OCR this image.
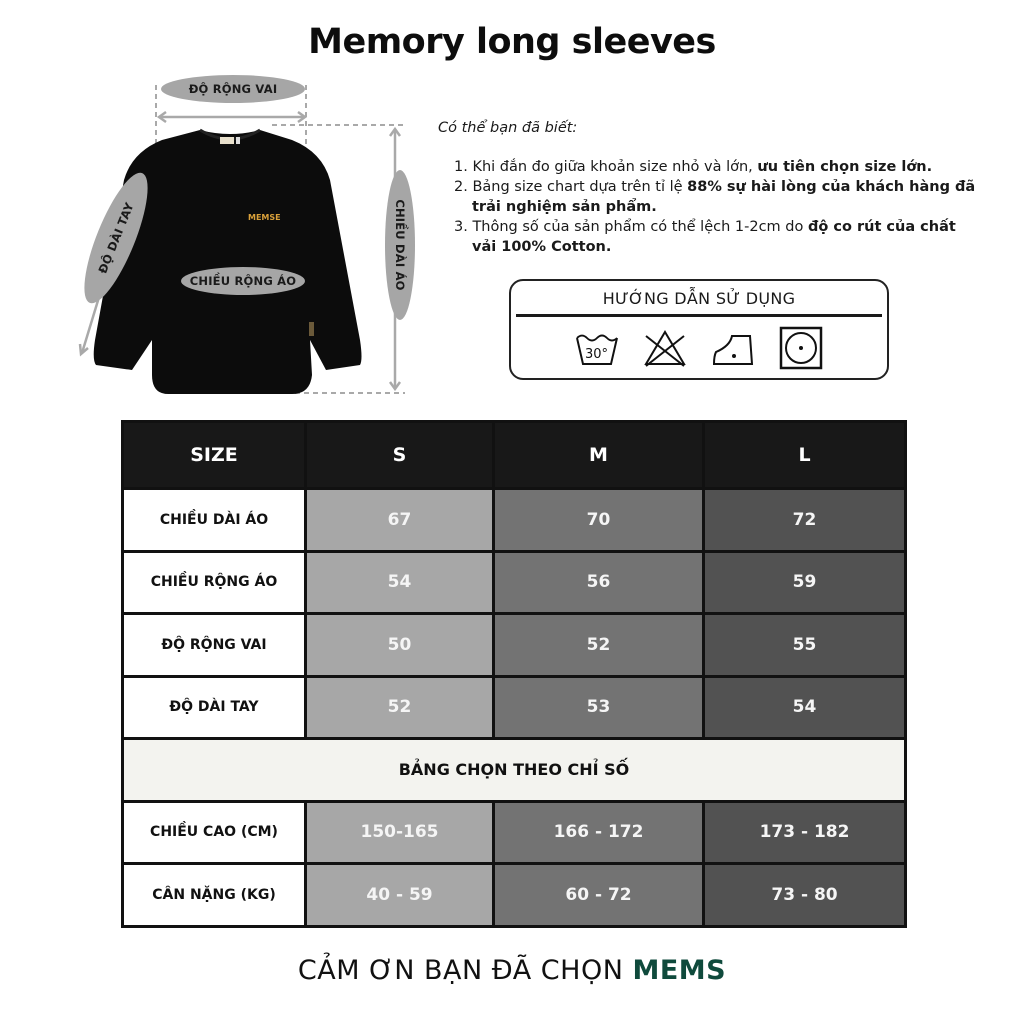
Memory long sleeves
MEMSE
ĐỘ RỘNG VAI
CHIỀU RỘNG ÁO
ĐỘ DÀI TAY	CHIỀU DÀI ÁO
Có thể bạn đã biết:
1. Khi đắn đo giữa khoản size nhỏ và lớn, ưu tiên chọn size lớn.
2. Bảng size chart dựa trên tỉ lệ 88% sự hài lòng của khách hàng đã trải nghiệm sản phẩm.
3. Thông số của sản phẩm có thể lệch 1-2cm do độ co rút của chất vải 100% Cotton.
HƯỚNG DẪN SỬ DỤNG
30°
SIZE	S	M	L
CHIỀU DÀI ÁO	67	70	72
CHIỀU RỘNG ÁO	54	56	59
ĐỘ RỘNG VAI	50	52	55
ĐỘ DÀI TAY	52	53	54
BẢNG CHỌN THEO CHỈ SỐ			
CHIỀU CAO (CM)	150-165	166 - 172	173 - 182
CÂN NẶNG (KG)	40 - 59	60 - 72	73 - 80
CẢM ƠN BẠN ĐÃ CHỌN MEMS
